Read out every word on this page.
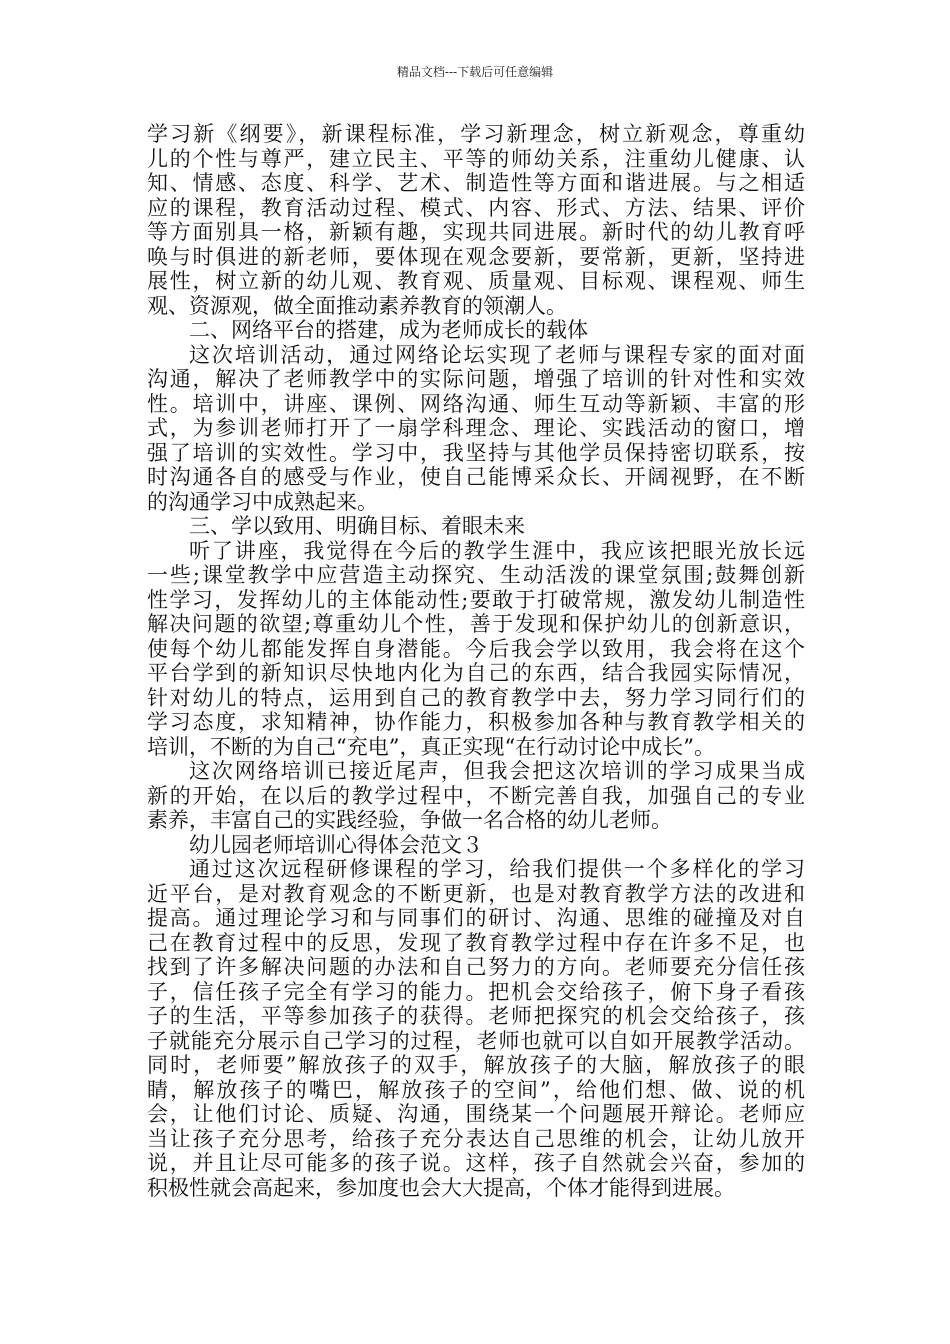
精品文档---下载后可任意编辑
学习新《纲要》，新课程标准，学习新理念，树立新观念，尊重幼
儿的个性与尊严，建立民主、平等的师幼关系，注重幼儿健康、认
知、情感、态度、科学、艺术、制造性等方面和谐进展。与之相适
应的课程，教育活动过程、模式、内容、形式、方法、结果、评价
等方面别具一格，新颖有趣，实现共同进展。新时代的幼儿教育呼
唤与时俱进的新老师，要体现在观念要新，要常新，更新，坚持进
展性，树立新的幼儿观、教育观、质量观、目标观、课程观、师生
观、资源观，做全面推动素养教育的领潮人。
二、网络平台的搭建，成为老师成长的载体
这次培训活动，通过网络论坛实现了老师与课程专家的面对面
沟通，解决了老师教学中的实际问题，增强了培训的针对性和实效
性。培训中，讲座、课例、网络沟通、师生互动等新颖、丰富的形
式，为参训老师打开了一扇学科理念、理论、实践活动的窗口，增
强了培训的实效性。学习中，我坚持与其他学员保持密切联系，按
时沟通各自的感受与作业，使自己能博采众长、开阔视野，在不断
的沟通学习中成熟起来。
三、学以致用、明确目标、着眼未来
听了讲座，我觉得在今后的教学生涯中，我应该把眼光放长远
一些;课堂教学中应营造主动探究、生动活泼的课堂氛围;鼓舞创新
性学习，发挥幼儿的主体能动性;要敢于打破常规，激发幼儿制造性
解决问题的欲望;尊重幼儿个性，善于发现和保护幼儿的创新意识，
使每个幼儿都能发挥自身潜能。今后我会学以致用，我会将在这个
平台学到的新知识尽快地内化为自己的东西，结合我园实际情况，
针对幼儿的特点，运用到自己的教育教学中去，努力学习同行们的
学习态度，求知精神，协作能力，积极参加各种与教育教学相关的
培训，不断的为自己“充电”，真正实现“在行动讨论中成长”。
这次网络培训已接近尾声，但我会把这次培训的学习成果当成
新的开始，在以后的教学过程中，不断完善自我，加强自己的专业
素养，丰富自己的实践经验，争做一名合格的幼儿老师。
幼儿园老师培训心得体会范文３
通过这次远程研修课程的学习，给我们提供一个多样化的学习
近平台，是对教育观念的不断更新，也是对教育教学方法的改进和
提高。通过理论学习和与同事们的研讨、沟通、思维的碰撞及对自
己在教育过程中的反思，发现了教育教学过程中存在许多不足，也
找到了许多解决问题的办法和自己努力的方向。老师要充分信任孩
子，信任孩子完全有学习的能力。把机会交给孩子，俯下身子看孩
子的生活，平等参加孩子的获得。老师把探究的机会交给孩子，孩
子就能充分展示自己学习的过程，老师也就可以自如开展教学活动。
同时，老师要”解放孩子的双手，解放孩子的大脑，解放孩子的眼
睛，解放孩子的嘴巴，解放孩子的空间”，给他们想、做、说的机
会，让他们讨论、质疑、沟通，围绕某一个问题展开辩论。老师应
当让孩子充分思考，给孩子充分表达自己思维的机会，让幼儿放开
说，并且让尽可能多的孩子说。这样，孩子自然就会兴奋，参加的
积极性就会高起来，参加度也会大大提高，个体才能得到进展。
